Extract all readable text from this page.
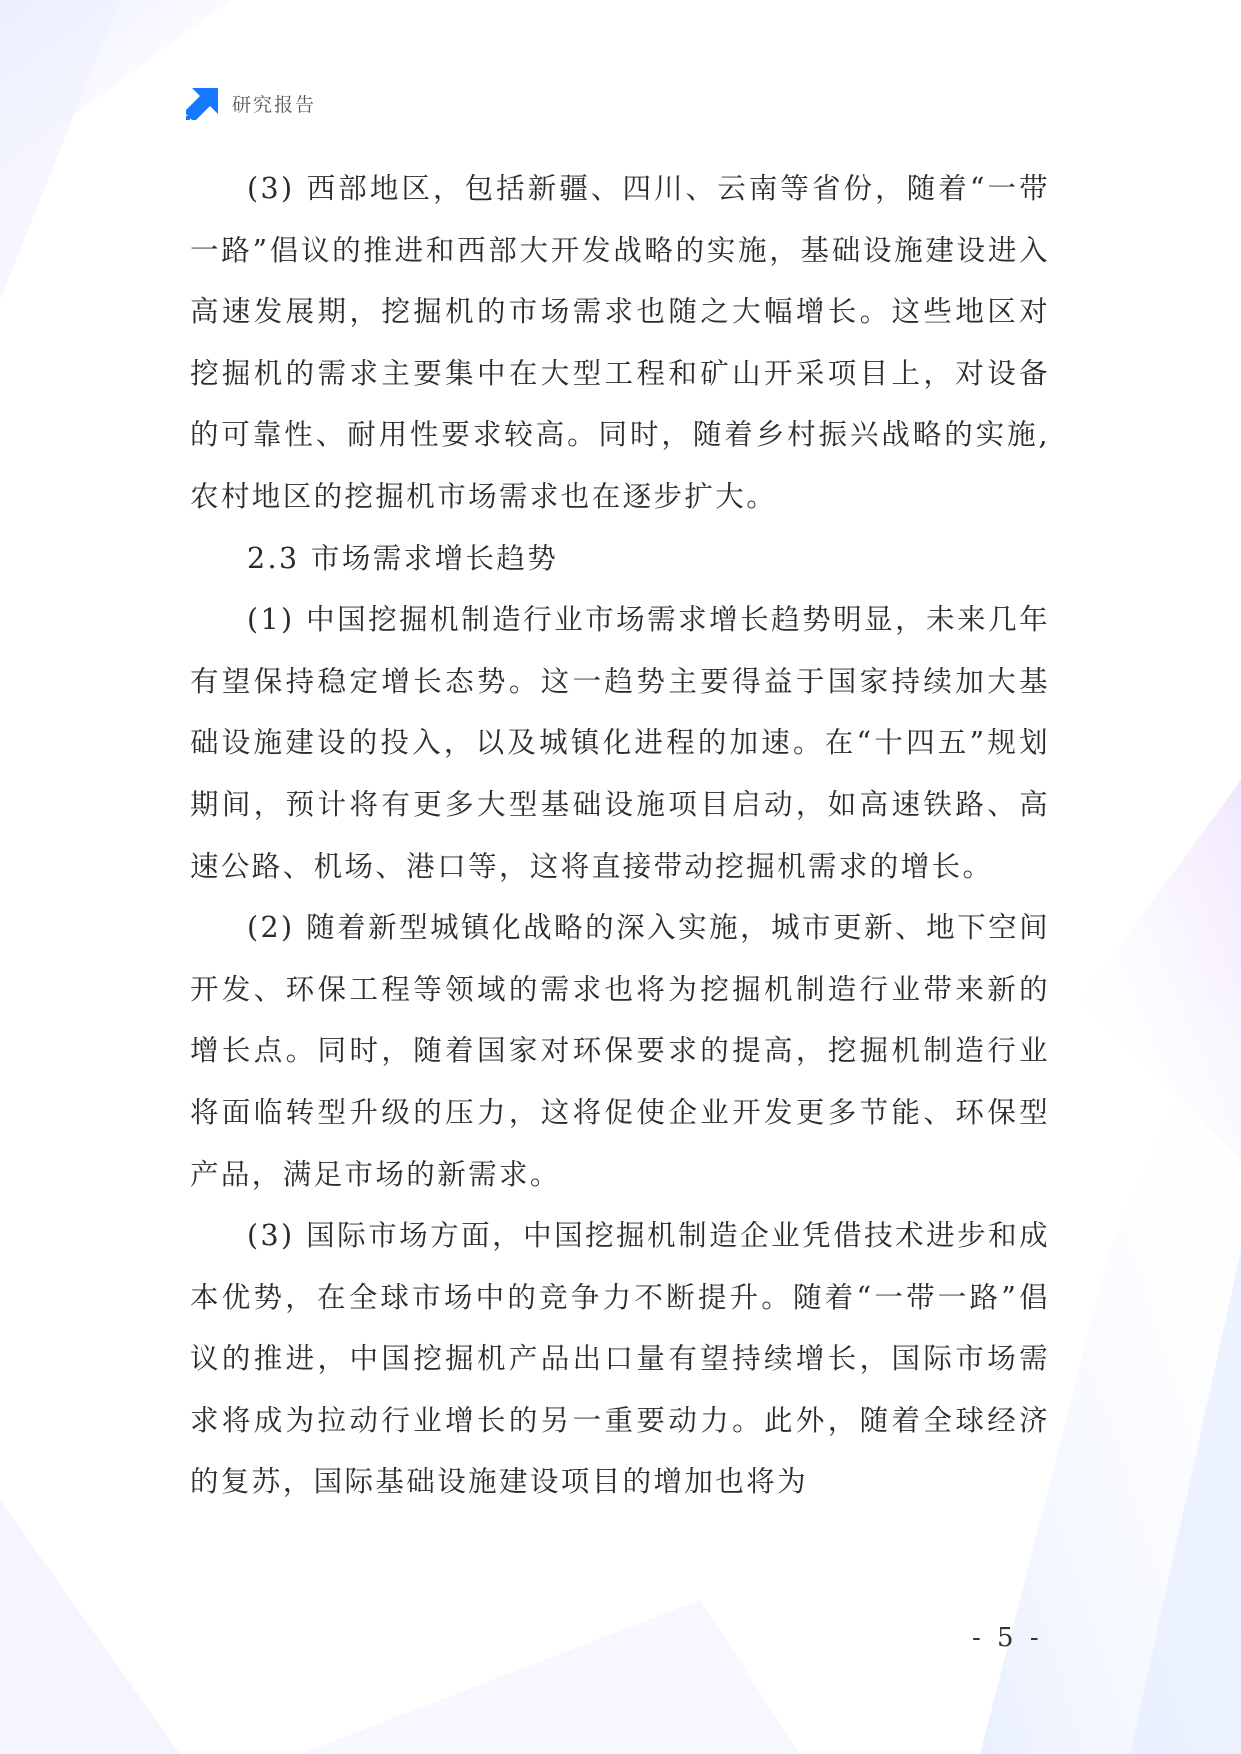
研究报告

(3) 西部地区，包括新疆、四川、云南等省份，随着“一带一路”倡议的推进和西部大开发战略的实施，基础设施建设进入高速发展期，挖掘机的市场需求也随之大幅增长。这些地区对挖掘机的需求主要集中在大型工程和矿山开采项目上，对设备的可靠性、耐用性要求较高。同时，随着乡村振兴战略的实施,农村地区的挖掘机市场需求也在逐步扩大。

2.3 市场需求增长趋势

(1) 中国挖掘机制造行业市场需求增长趋势明显，未来几年有望保持稳定增长态势。这一趋势主要得益于国家持续加大基础设施建设的投入，以及城镇化进程的加速。在“十四五”规划期间，预计将有更多大型基础设施项目启动，如高速铁路、高速公路、机场、港口等，这将直接带动挖掘机需求的增长。

(2) 随着新型城镇化战略的深入实施，城市更新、地下空间开发、环保工程等领域的需求也将为挖掘机制造行业带来新的增长点。同时，随着国家对环保要求的提高，挖掘机制造行业将面临转型升级的压力，这将促使企业开发更多节能、环保型产品，满足市场的新需求。

(3) 国际市场方面，中国挖掘机制造企业凭借技术进步和成本优势，在全球市场中的竞争力不断提升。随着“一带一路”倡议的推进，中国挖掘机产品出口量有望持续增长，国际市场需求将成为拉动行业增长的另一重要动力。此外，随着全球经济的复苏，国际基础设施建设项目的增加也将为

- 5 -
